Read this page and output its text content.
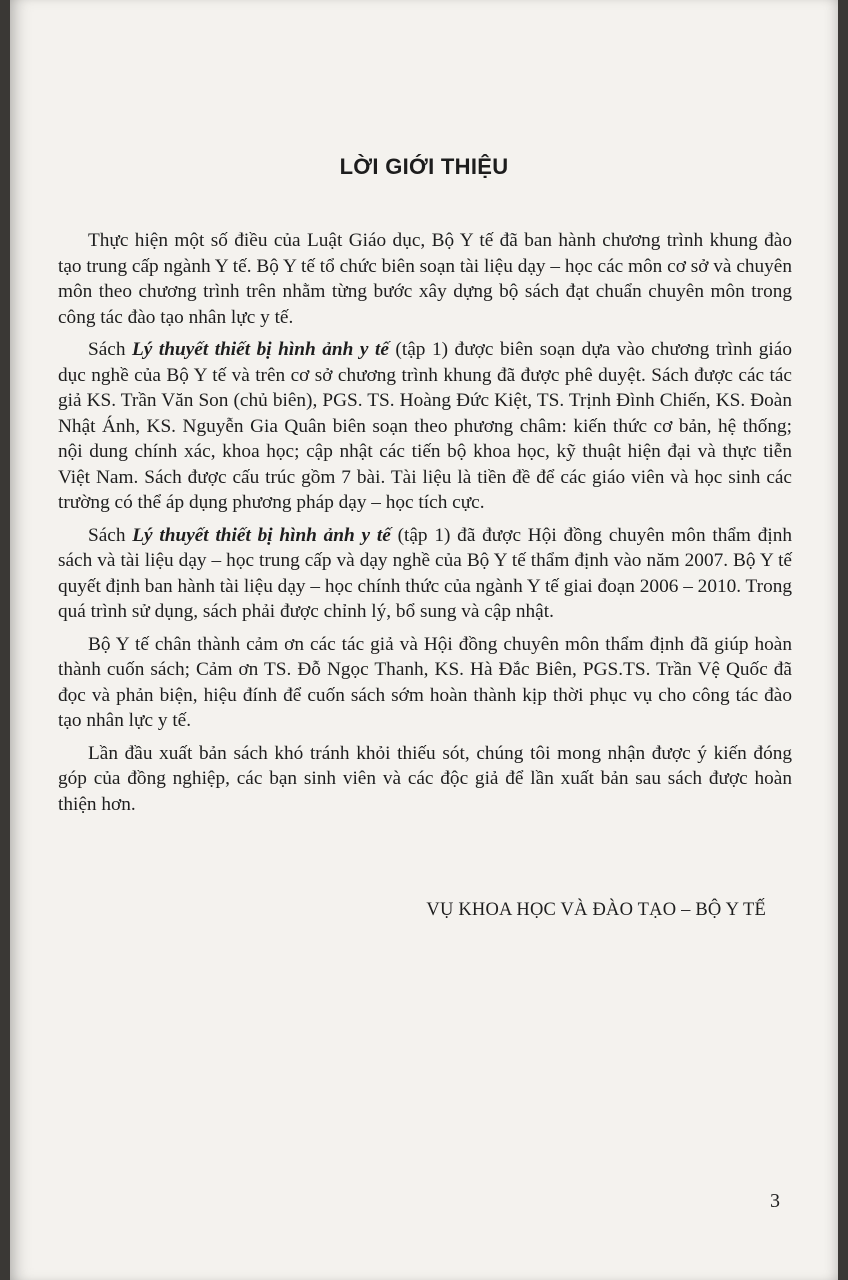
LỜI GIỚI THIỆU

Thực hiện một số điều của Luật Giáo dục, Bộ Y tế đã ban hành chương trình khung đào tạo trung cấp ngành Y tế. Bộ Y tế tổ chức biên soạn tài liệu dạy – học các môn cơ sở và chuyên môn theo chương trình trên nhằm từng bước xây dựng bộ sách đạt chuẩn chuyên môn trong công tác đào tạo nhân lực y tế.

Sách Lý thuyết thiết bị hình ảnh y tế (tập 1) được biên soạn dựa vào chương trình giáo dục nghề của Bộ Y tế và trên cơ sở chương trình khung đã được phê duyệt. Sách được các tác giả KS. Trần Văn Son (chủ biên), PGS. TS. Hoàng Đức Kiệt, TS. Trịnh Đình Chiến, KS. Đoàn Nhật Ánh, KS. Nguyễn Gia Quân biên soạn theo phương châm: kiến thức cơ bản, hệ thống; nội dung chính xác, khoa học; cập nhật các tiến bộ khoa học, kỹ thuật hiện đại và thực tiễn Việt Nam. Sách được cấu trúc gồm 7 bài. Tài liệu là tiền đề để các giáo viên và học sinh các trường có thể áp dụng phương pháp dạy – học tích cực.

Sách Lý thuyết thiết bị hình ảnh y tế (tập 1) đã được Hội đồng chuyên môn thẩm định sách và tài liệu dạy – học trung cấp và dạy nghề của Bộ Y tế thẩm định vào năm 2007. Bộ Y tế quyết định ban hành tài liệu dạy – học chính thức của ngành Y tế giai đoạn 2006 – 2010. Trong quá trình sử dụng, sách phải được chỉnh lý, bổ sung và cập nhật.

Bộ Y tế chân thành cảm ơn các tác giả và Hội đồng chuyên môn thẩm định đã giúp hoàn thành cuốn sách; Cảm ơn TS. Đỗ Ngọc Thanh, KS. Hà Đắc Biên, PGS.TS. Trần Vệ Quốc đã đọc và phản biện, hiệu đính để cuốn sách sớm hoàn thành kịp thời phục vụ cho công tác đào tạo nhân lực y tế.

Lần đầu xuất bản sách khó tránh khỏi thiếu sót, chúng tôi mong nhận được ý kiến đóng góp của đồng nghiệp, các bạn sinh viên và các độc giả để lần xuất bản sau sách được hoàn thiện hơn.

VỤ KHOA HỌC VÀ ĐÀO TẠO – BỘ Y TẾ
3
